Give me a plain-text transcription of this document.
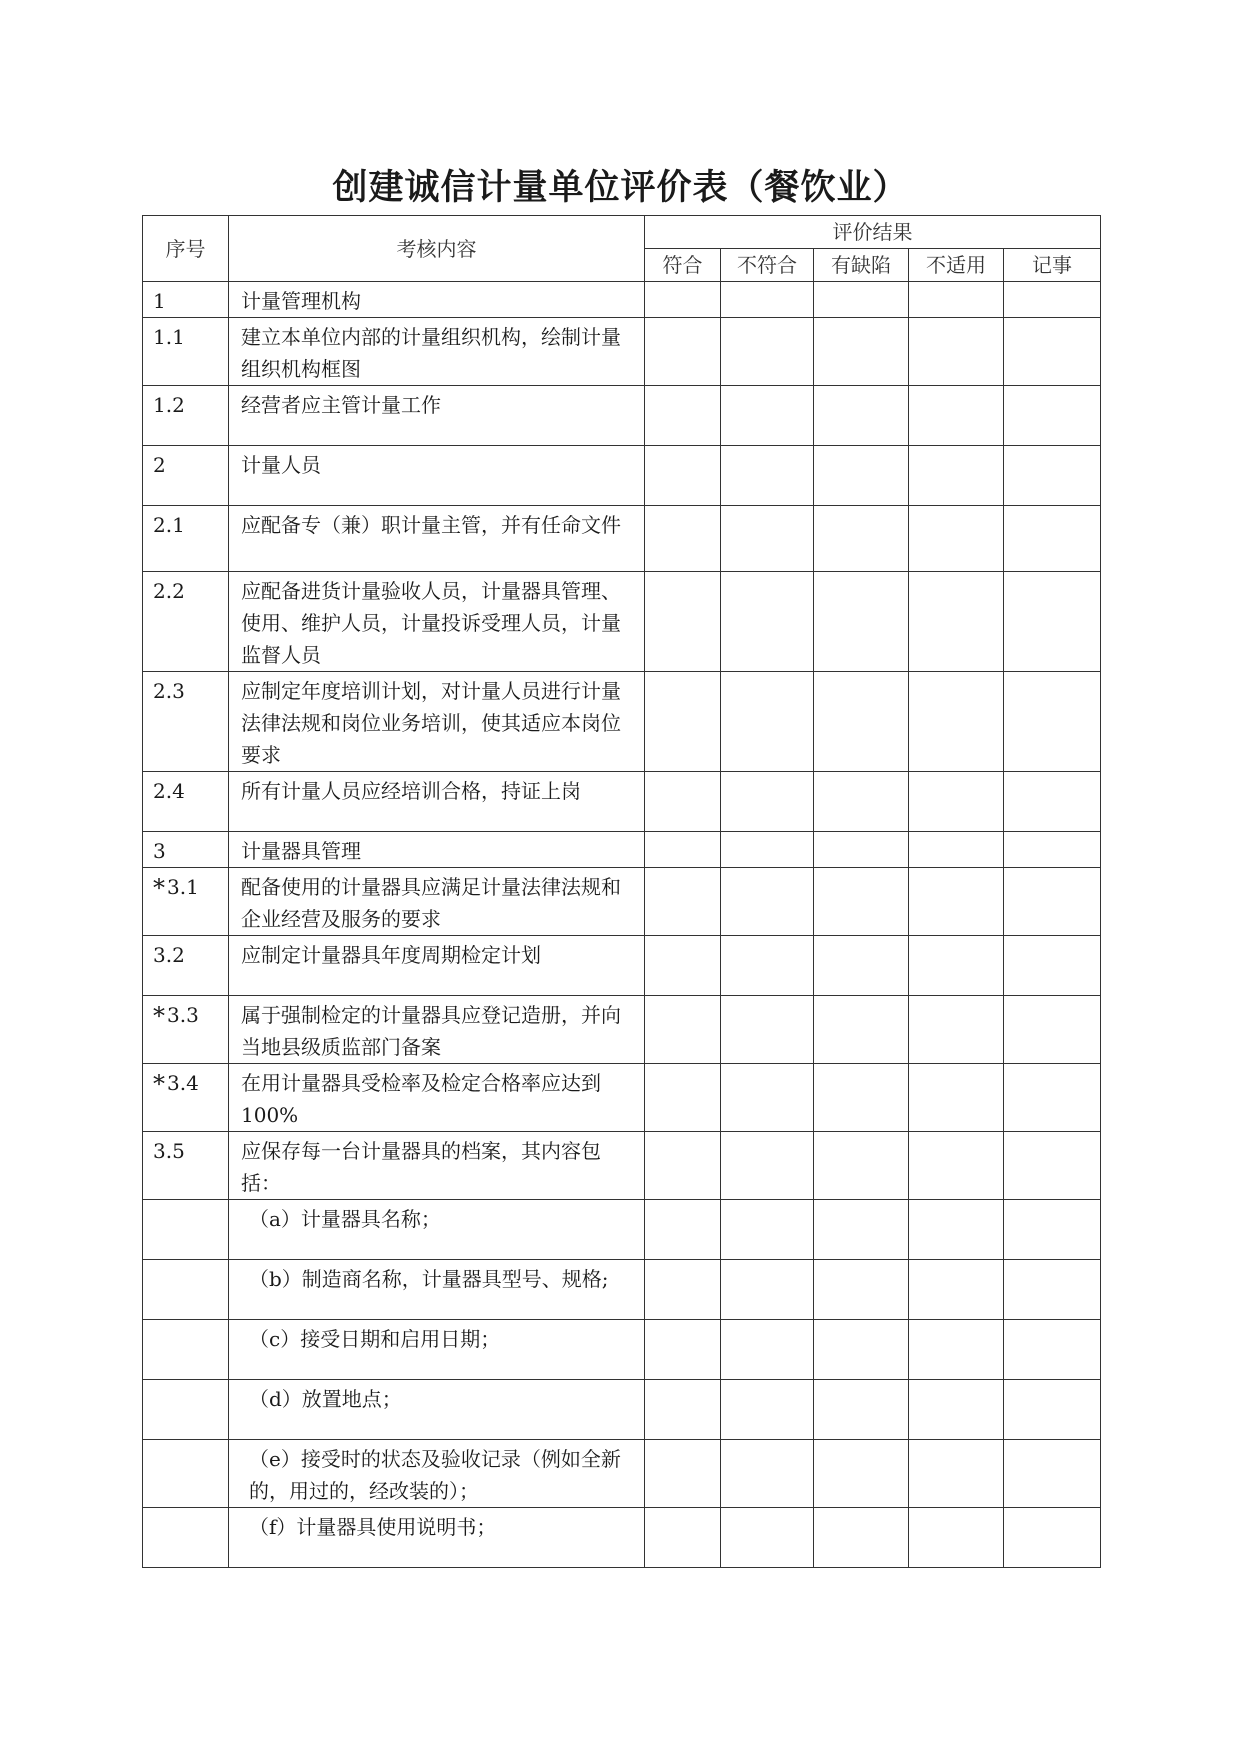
创建诚信计量单位评价表（餐饮业）
序号	考核内容	评价结果				
		符合	不符合	有缺陷	不适用	记事
1	计量管理机构					
1.1	建立本单位内部的计量组织机构，绘制计量组织机构框图					
1.2	经营者应主管计量工作					
2	计量人员					
2.1	应配备专（兼）职计量主管，并有任命文件					
2.2	应配备进货计量验收人员，计量器具管理、使用、维护人员，计量投诉受理人员，计量监督人员					
2.3	应制定年度培训计划，对计量人员进行计量法律法规和岗位业务培训，使其适应本岗位要求					
2.4	所有计量人员应经培训合格，持证上岗					
3	计量器具管理					
* 3.1	配备使用的计量器具应满足计量法律法规和企业经营及服务的要求					
3.2	应制定计量器具年度周期检定计划					
* 3.3	属于强制检定的计量器具应登记造册，并向当地县级质监部门备案					
* 3.4	在用计量器具受检率及检定合格率应达到 100%					
3.5	应保存每一台计量器具的档案，其内容包括：					
	（a）计量器具名称；					
	（b）制造商名称，计量器具型号、规格;					
	（c）接受日期和启用日期；					
	（d）放置地点；					
	（e）接受时的状态及验收记录（例如全新的，用过的，经改装的）；					
	（f）计量器具使用说明书；					
